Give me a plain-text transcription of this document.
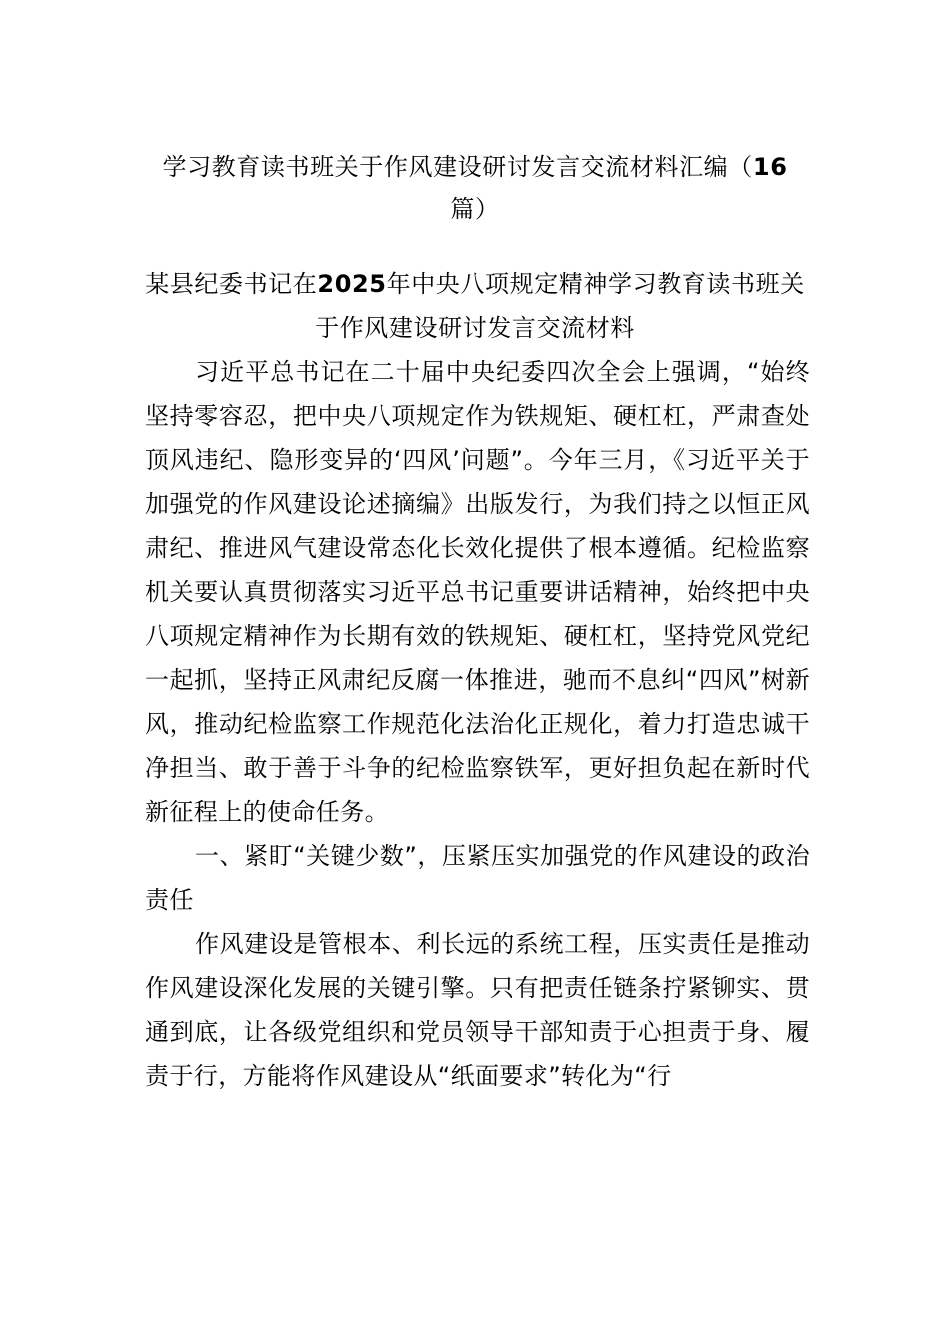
学习教育读书班关于作风建设研讨发言交流材料汇编（16
篇）
某县纪委书记在2025年中央八项规定精神学习教育读书班关于作风建设研讨发言交流材料

习近平总书记在二十届中央纪委四次全会上强调，“始终坚持零容忍，把中央八项规定作为铁规矩、硬杠杠，严肃查处顶风违纪、隐形变异的‘四风’问题”。今年三月，《习近平关于加强党的作风建设论述摘编》出版发行，为我们持之以恒正风肃纪、推进风气建设常态化长效化提供了根本遵循。纪检监察机关要认真贯彻落实习近平总书记重要讲话精神，始终把中央八项规定精神作为长期有效的铁规矩、硬杠杠，坚持党风党纪一起抓，坚持正风肃纪反腐一体推进，驰而不息纠“四风”树新风，推动纪检监察工作规范化法治化正规化，着力打造忠诚干净担当、敢于善于斗争的纪检监察铁军，更好担负起在新时代新征程上的使命任务。

一、紧盯“关键少数”，压紧压实加强党的作风建设的政治责任

作风建设是管根本、利长远的系统工程，压实责任是推动作风建设深化发展的关键引擎。只有把责任链条拧紧铆实、贯通到底，让各级党组织和党员领导干部知责于心担责于身、履责于行，方能将作风建设从“纸面要求”转化为“行
